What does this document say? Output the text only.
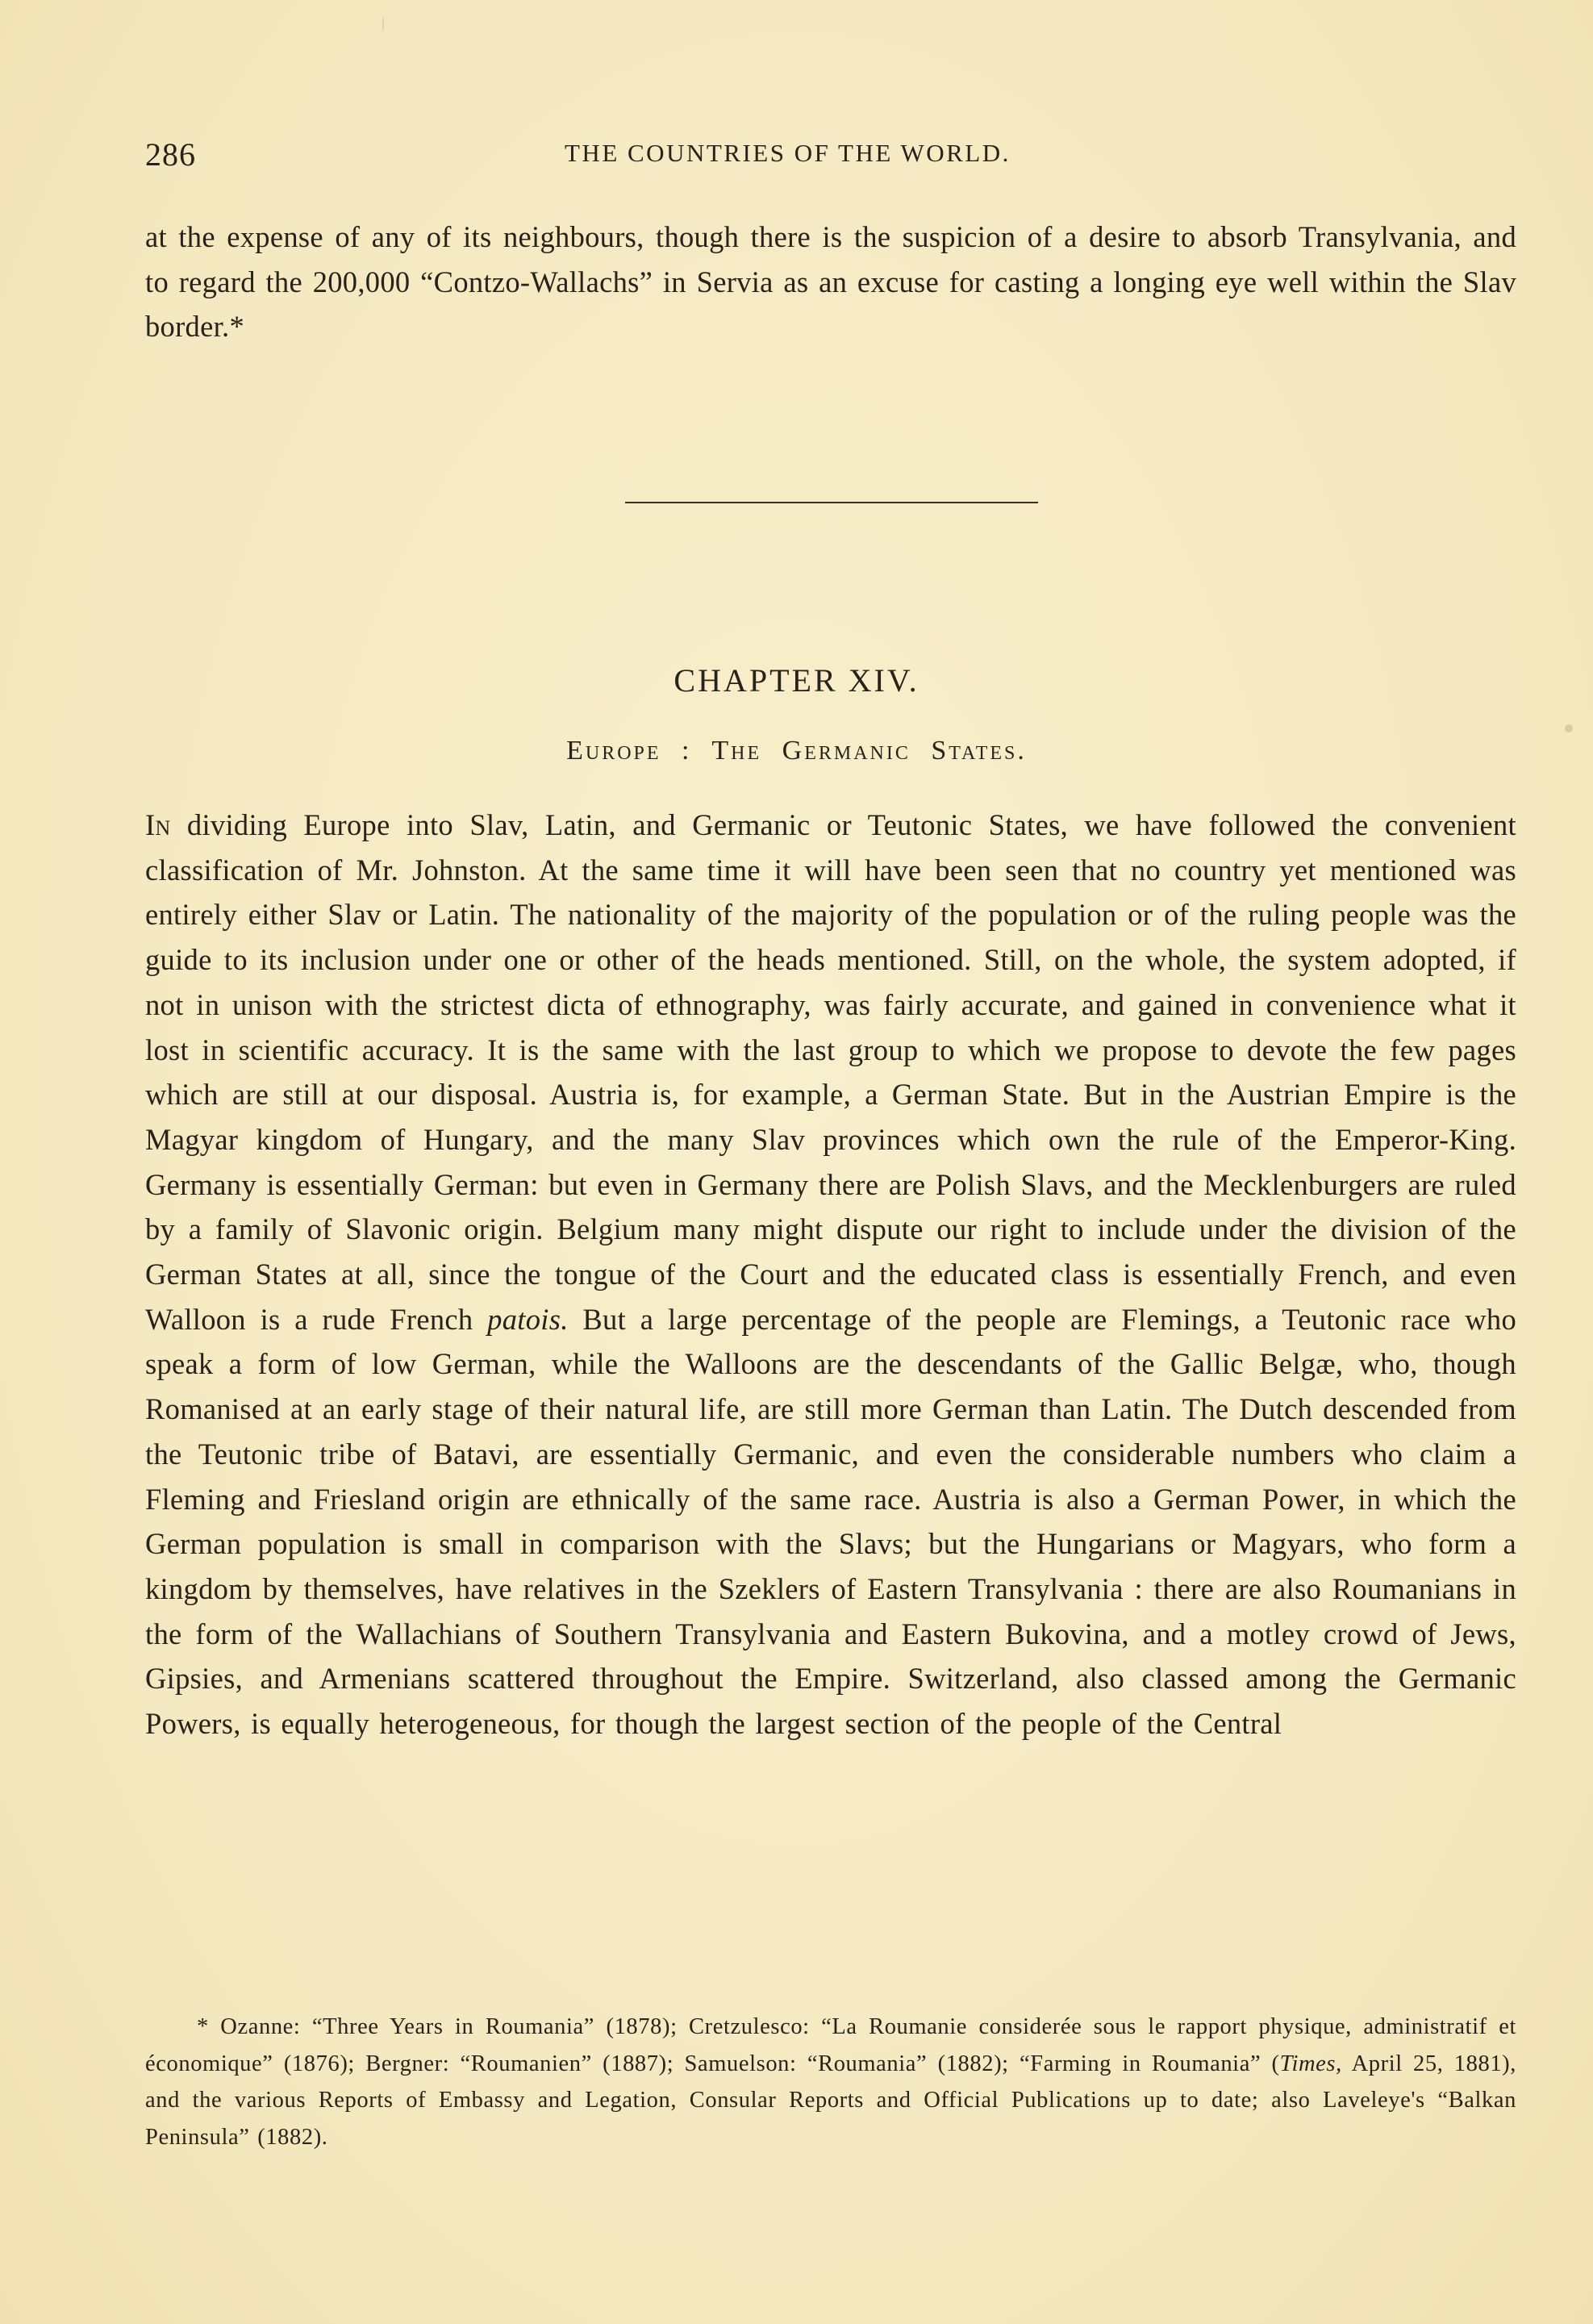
286	THE COUNTRIES OF THE WORLD.

at the expense of any of its neighbours, though there is the suspicion of a desire to absorb Transylvania, and to regard the 200,000 “Contzo-Wallachs” in Servia as an excuse for casting a longing eye well within the Slav border.*

CHAPTER XIV.
Europe : The Germanic States.

In dividing Europe into Slav, Latin, and Germanic or Teutonic States, we have followed the convenient classification of Mr. Johnston. At the same time it will have been seen that no country yet mentioned was entirely either Slav or Latin. The nationality of the majority of the population or of the ruling people was the guide to its inclusion under one or other of the heads mentioned. Still, on the whole, the system adopted, if not in unison with the strictest dicta of ethnography, was fairly accurate, and gained in convenience what it lost in scientific accuracy. It is the same with the last group to which we propose to devote the few pages which are still at our disposal. Austria is, for example, a German State. But in the Austrian Empire is the Magyar kingdom of Hungary, and the many Slav provinces which own the rule of the Emperor-King. Germany is essentially German: but even in Germany there are Polish Slavs, and the Mecklenburgers are ruled by a family of Slavonic origin. Belgium many might dispute our right to include under the division of the German States at all, since the tongue of the Court and the educated class is essentially French, and even Walloon is a rude French patois. But a large percentage of the people are Flemings, a Teutonic race who speak a form of low German, while the Walloons are the descendants of the Gallic Belgæ, who, though Romanised at an early stage of their natural life, are still more German than Latin. The Dutch descended from the Teutonic tribe of Batavi, are essentially Germanic, and even the considerable numbers who claim a Fleming and Friesland origin are ethnically of the same race. Austria is also a German Power, in which the German population is small in comparison with the Slavs; but the Hungarians or Magyars, who form a kingdom by themselves, have relatives in the Szeklers of Eastern Transylvania : there are also Roumanians in the form of the Wallachians of Southern Transylvania and Eastern Bukovina, and a motley crowd of Jews, Gipsies, and Armenians scattered throughout the Empire. Switzerland, also classed among the Germanic Powers, is equally heterogeneous, for though the largest section of the people of the Central

* Ozanne: “Three Years in Roumania” (1878); Cretzulesco: “La Roumanie considerée sous le rapport physique, administratif et économique” (1876); Bergner: “Roumanien” (1887); Samuelson: “Roumania” (1882); “Farming in Roumania” (Times, April 25, 1881), and the various Reports of Embassy and Legation, Consular Reports and Official Publications up to date; also Laveleye's “Balkan Peninsula” (1882).
